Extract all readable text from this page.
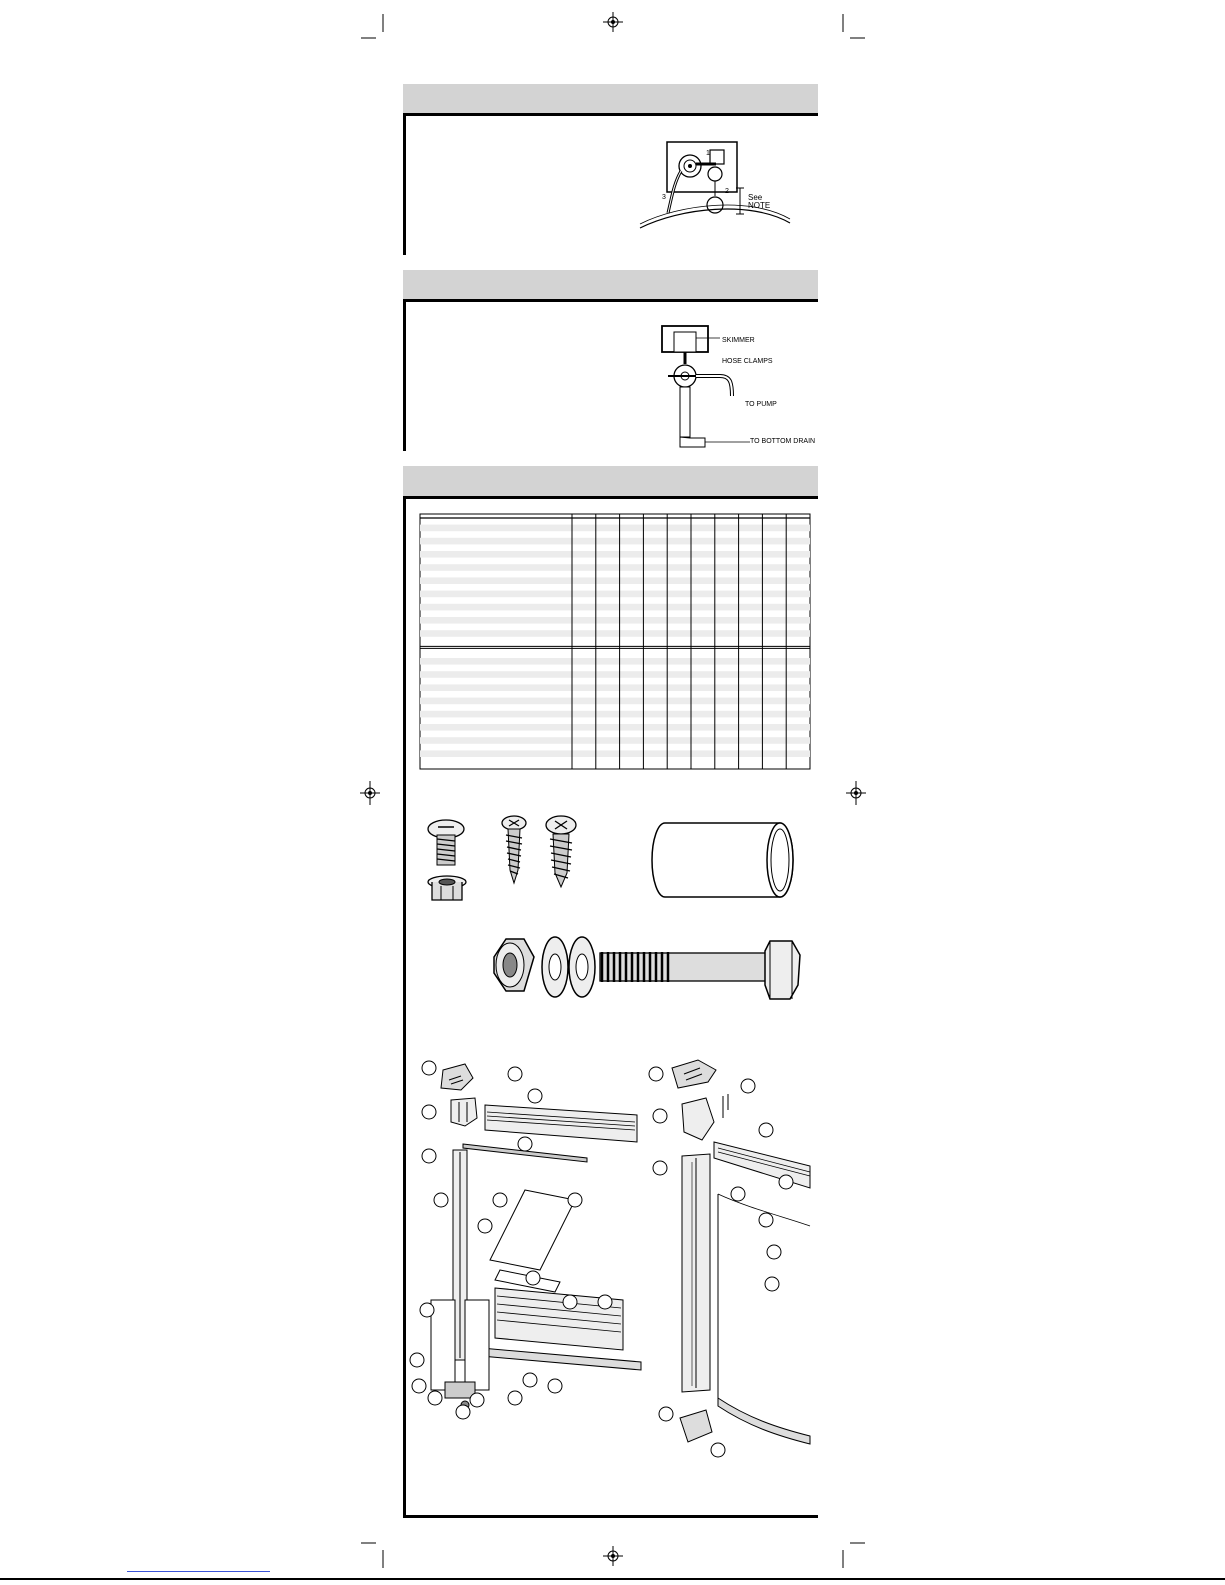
1
2
3	See
NOTE
SKIMMER
HOSE CLAMPS
TO PUMP
TO BOTTOM DRAIN
